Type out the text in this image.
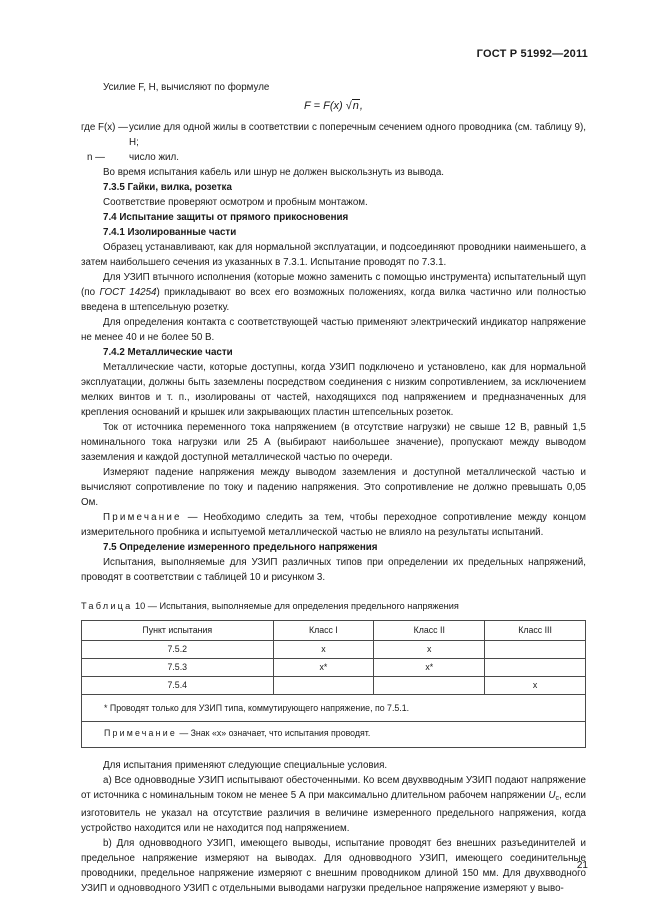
ГОСТ Р 51992—2011

Усилие F, Н, вычисляют по формуле

F = F(x) √n,
где F(x) — усилие для одной жилы в соответствии с поперечным сечением одного проводника (см. таблицу 9), Н;
n —	число жил.

Во время испытания кабель или шнур не должен выскользнуть из вывода.

7.3.5 Гайки, вилка, розетка

Соответствие проверяют осмотром и пробным монтажом.

7.4 Испытание защиты от прямого прикосновения

7.4.1 Изолированные части

Образец устанавливают, как для нормальной эксплуатации, и подсоединяют проводники наименьшего, а затем наибольшего сечения из указанных в 7.3.1. Испытание проводят по 7.3.1.

Для УЗИП втычного исполнения (которые можно заменить с помощью инструмента) испытательный щуп (по ГОСТ 14254) прикладывают во всех его возможных положениях, когда вилка частично или полностью введена в штепсельную розетку.

Для определения контакта с соответствующей частью применяют электрический индикатор напряжение не менее 40 и не более 50 В.

7.4.2 Металлические части

Металлические части, которые доступны, когда УЗИП подключено и установлено, как для нормальной эксплуатации, должны быть заземлены посредством соединения с низким сопротивлением, за исключением мелких винтов и т. п., изолированы от частей, находящихся под напряжением и предназначенных для крепления оснований и крышек или закрывающих пластин штепсельных розеток.

Ток от источника переменного тока напряжением (в отсутствие нагрузки) не свыше 12 В, равный 1,5 номинального тока нагрузки или 25 А (выбирают наибольшее значение), пропускают между выводом заземления и каждой доступной металлической частью по очереди.

Измеряют падение напряжения между выводом заземления и доступной металлической частью и вычисляют сопротивление по току и падению напряжения. Это сопротивление не должно превышать 0,05 Ом.

Примечание — Необходимо следить за тем, чтобы переходное сопротивление между концом измерительного пробника и испытуемой металлической частью не влияло на результаты испытаний.

7.5 Определение измеренного предельного напряжения

Испытания, выполняемые для УЗИП различных типов при определении их предельных напряжений, проводят в соответствии с таблицей 10 и рисунком 3.

Таблица 10 — Испытания, выполняемые для определения предельного напряжения
Пункт испытания	Класс I	Класс II	Класс III
7.5.2	x	x	
7.5.3	x*	x*	
7.5.4			x
* Проводят только для УЗИП типа, коммутирующего напряжение, по 7.5.1.			
Примечание — Знак «x» означает, что испытания проводят.			

Для испытания применяют следующие специальные условия.

a) Все одновводные УЗИП испытывают обесточенными. Ко всем двухвводным УЗИП подают напряжение от источника с номинальным током не менее 5 А при максимально длительном рабочем напряжении $U_c$, если изготовитель не указал на отсутствие различия в величине измеренного предельного напряжения, когда устройство находится или не находится под напряжением.

b) Для одновводного УЗИП, имеющего выводы, испытание проводят без внешних разъединителей и предельное напряжение измеряют на выводах. Для одновводного УЗИП, имеющего соединительные проводники, предельное напряжение измеряют с внешним проводником длиной 150 мм. Для двухвводного УЗИП и одновводного УЗИП с отдельными выводами нагрузки предельное напряжение измеряют у выво-

21
